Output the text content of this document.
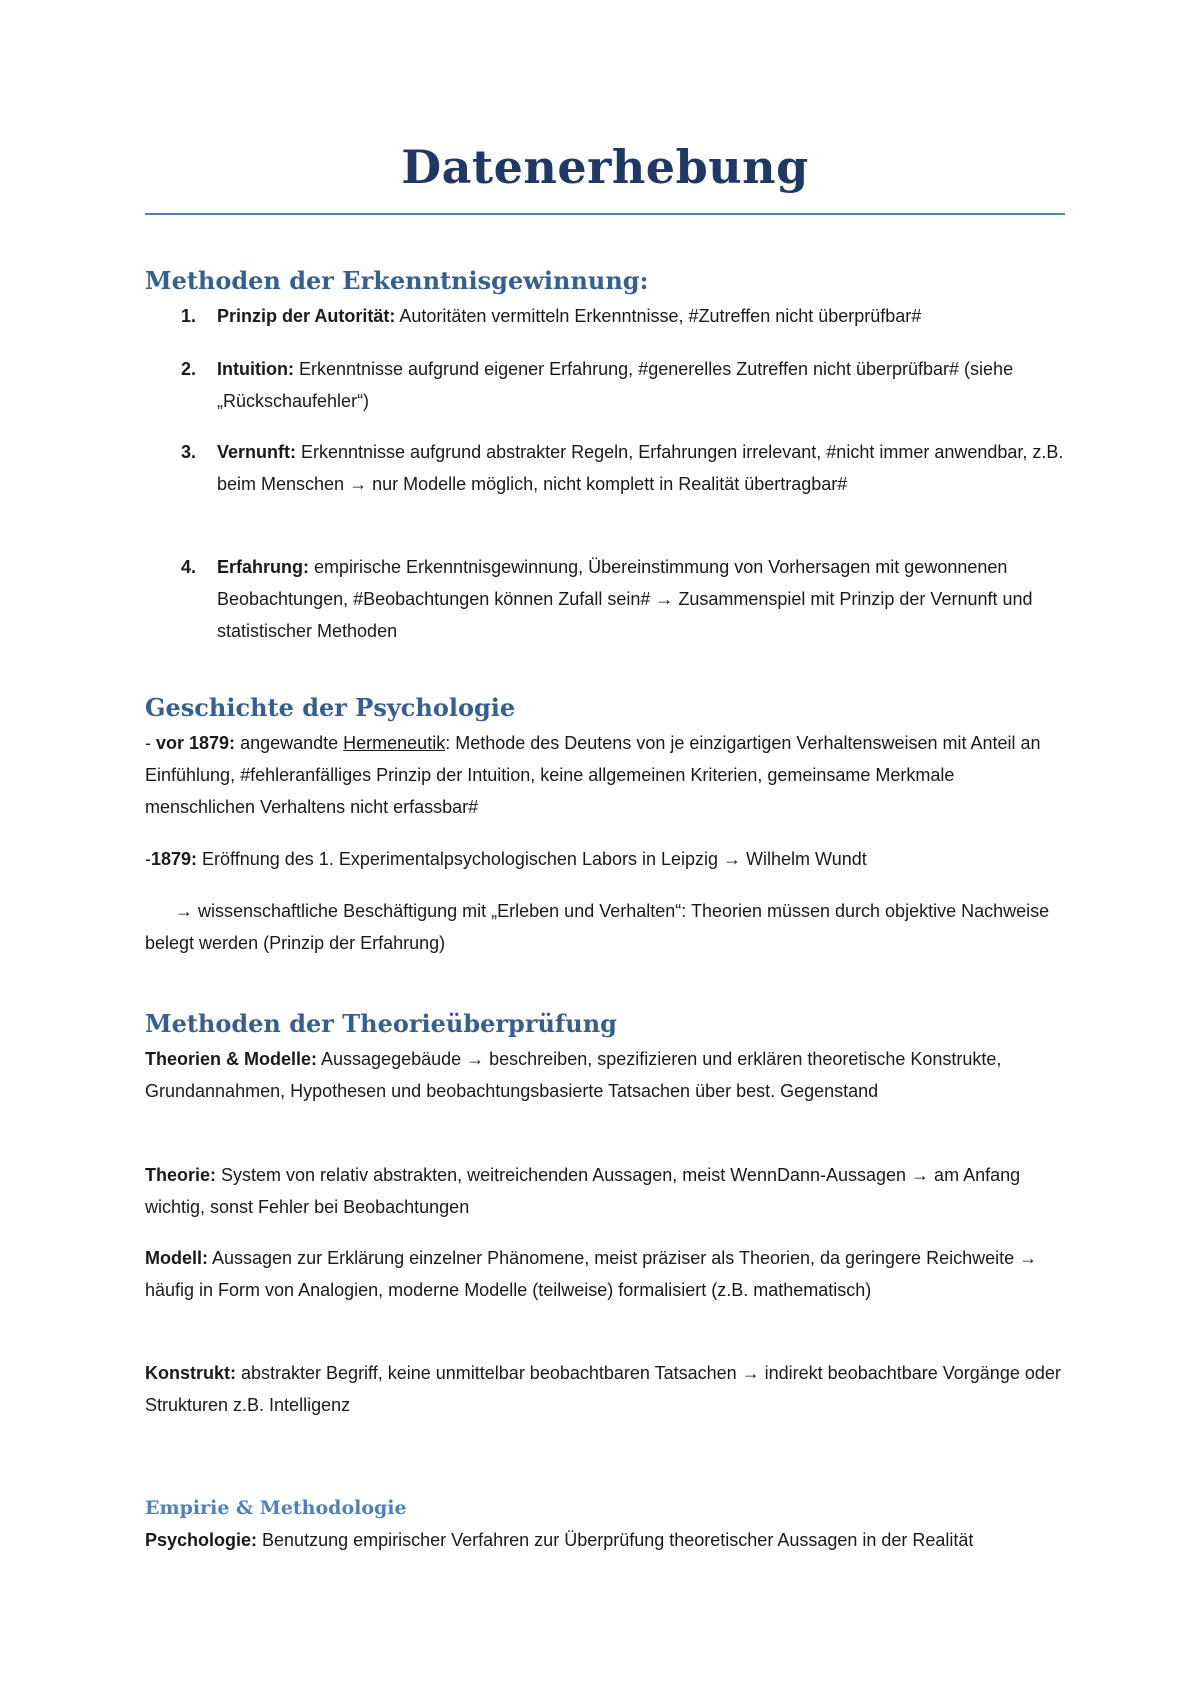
Datenerhebung
Methoden der Erkenntnisgewinnung:
1. Prinzip der Autorität: Autoritäten vermitteln Erkenntnisse, #Zutreffen nicht überprüfbar#
2. Intuition: Erkenntnisse aufgrund eigener Erfahrung, #generelles Zutreffen nicht überprüfbar# (siehe „Rückschaufehler“)
3. Vernunft: Erkenntnisse aufgrund abstrakter Regeln, Erfahrungen irrelevant, #nicht immer anwendbar, z.B. beim Menschen → nur Modelle möglich, nicht komplett in Realität übertragbar#
4. Erfahrung: empirische Erkenntnisgewinnung, Übereinstimmung von Vorhersagen mit gewonnenen Beobachtungen, #Beobachtungen können Zufall sein# → Zusammenspiel mit Prinzip der Vernunft und statistischer Methoden
Geschichte der Psychologie
- vor 1879: angewandte Hermeneutik: Methode des Deutens von je einzigartigen Verhaltensweisen mit Anteil an Einfühlung, #fehleranfälliges Prinzip der Intuition, keine allgemeinen Kriterien, gemeinsame Merkmale menschlichen Verhaltens nicht erfassbar#
-1879: Eröffnung des 1. Experimentalpsychologischen Labors in Leipzig → Wilhelm Wundt
→ wissenschaftliche Beschäftigung mit „Erleben und Verhalten“: Theorien müssen durch objektive Nachweise belegt werden (Prinzip der Erfahrung)
Methoden der Theorieüberprüfung
Theorien & Modelle: Aussagegebäude → beschreiben, spezifizieren und erklären theoretische Konstrukte, Grundannahmen, Hypothesen und beobachtungsbasierte Tatsachen über best. Gegenstand
Theorie: System von relativ abstrakten, weitreichenden Aussagen, meist WennDann-Aussagen → am Anfang wichtig, sonst Fehler bei Beobachtungen
Modell: Aussagen zur Erklärung einzelner Phänomene, meist präziser als Theorien, da geringere Reichweite → häufig in Form von Analogien, moderne Modelle (teilweise) formalisiert (z.B. mathematisch)
Konstrukt: abstrakter Begriff, keine unmittelbar beobachtbaren Tatsachen → indirekt beobachtbare Vorgänge oder Strukturen z.B. Intelligenz
Empirie & Methodologie
Psychologie: Benutzung empirischer Verfahren zur Überprüfung theoretischer Aussagen in der Realität
